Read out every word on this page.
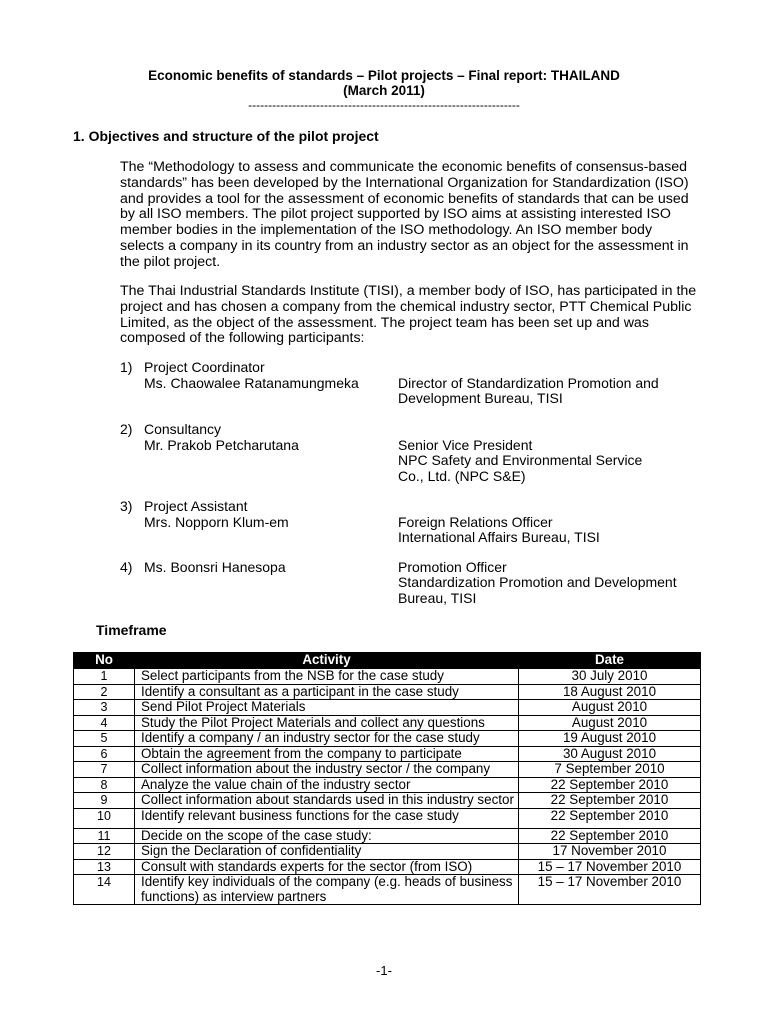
Economic benefits of standards – Pilot projects – Final report: THAILAND
(March 2011)
--------------------------------------------------------------------
1. Objectives and structure of the pilot project
The “Methodology to assess and communicate the economic benefits of consensus-based standards” has been developed by the International Organization for Standardization (ISO) and provides a tool for the assessment of economic benefits of standards that can be used by all ISO members. The pilot project supported by ISO aims at assisting interested ISO member bodies in the implementation of the ISO methodology. An ISO member body selects a company in its country from an industry sector as an object for the assessment in the pilot project.
The Thai Industrial Standards Institute (TISI), a member body of ISO, has participated in the project and has chosen a company from the chemical industry sector, PTT Chemical Public Limited, as the object of the assessment. The project team has been set up and was composed of the following participants:
1) Project Coordinator
Ms. Chaowalee Ratanamungmeka	Director of Standardization Promotion and
Development Bureau, TISI
2) Consultancy
Mr. Prakob Petcharutana	Senior Vice President
NPC Safety and Environmental Service
Co., Ltd. (NPC S&E)
3) Project Assistant
Mrs. Nopporn Klum-em	Foreign Relations Officer
International Affairs Bureau, TISI
4) Ms. Boonsri Hanesopa	Promotion Officer
Standardization Promotion and Development
Bureau, TISI
Timeframe
No	Activity	Date
1	Select participants from the NSB for the case study	30 July 2010
2	Identify a consultant as a participant in the case study	18 August 2010
3	Send Pilot Project Materials	August 2010
4	Study the Pilot Project Materials and collect any questions	August 2010
5	Identify a company / an industry sector for the case study	19 August 2010
6	Obtain the agreement from the company to participate	30 August 2010
7	Collect information about the industry sector / the company	7 September 2010
8	Analyze the value chain of the industry sector	22 September 2010
9	Collect information about standards used in this industry sector	22 September 2010
10	Identify relevant business functions for the case study	22 September 2010
11	Decide on the scope of the case study:	22 September 2010
12	Sign the Declaration of confidentiality	17 November 2010
13	Consult with standards experts for the sector (from ISO)	15 – 17 November 2010
14	Identify key individuals of the company (e.g. heads of business functions) as interview partners	15 – 17 November 2010
-1-
